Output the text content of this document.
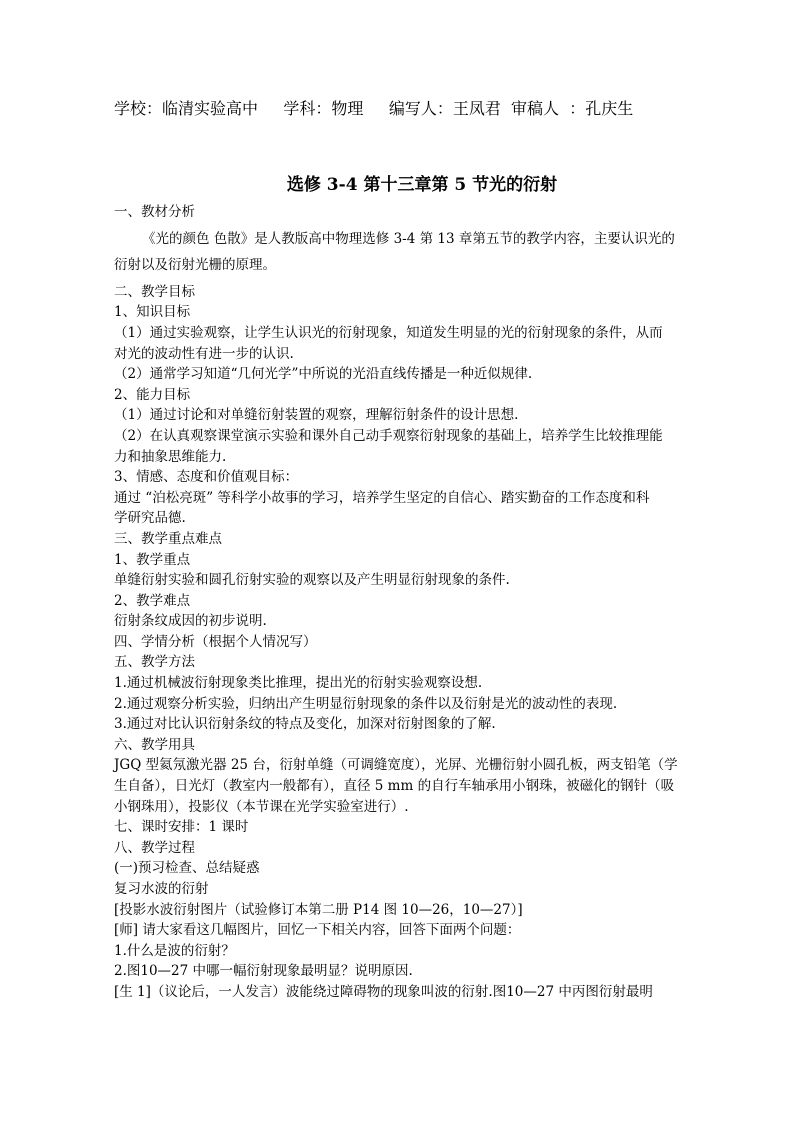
学校：临清实验高中     学科：物理     编写人：王凤君  审稿人  ：孔庆生
选修 3-4 第十三章第 5 节光的衍射
一、教材分析
《光的颜色 色散》是人教版高中物理选修 3-4 第 13 章第五节的教学内容，主要认识光的
衍射以及衍射光栅的原理。
二、教学目标
1、知识目标
（1）通过实验观察，让学生认识光的衍射现象，知道发生明显的光的衍射现象的条件，从而
对光的波动性有进一步的认识.
（2）通常学习知道“几何光学”中所说的光沿直线传播是一种近似规律.
2、能力目标
（1）通过讨论和对单缝衍射装置的观察，理解衍射条件的设计思想.
（2）在认真观察课堂演示实验和课外自己动手观察衍射现象的基础上，培养学生比较推理能
力和抽象思维能力.
3、情感、态度和价值观目标：
通过 “泊松亮斑” 等科学小故事的学习，培养学生坚定的自信心、踏实勤奋的工作态度和科
学研究品德.
三、教学重点难点
1、教学重点
单缝衍射实验和圆孔衍射实验的观察以及产生明显衍射现象的条件.
2、教学难点
衍射条纹成因的初步说明.
四、学情分析（根据个人情况写）
五、教学方法
1.通过机械波衍射现象类比推理，提出光的衍射实验观察设想.
2.通过观察分析实验，归纳出产生明显衍射现象的条件以及衍射是光的波动性的表现.
3.通过对比认识衍射条纹的特点及变化，加深对衍射图象的了解.
六、教学用具
JGQ 型氦氖激光器 25 台，衍射单缝（可调缝宽度），光屏、光栅衍射小圆孔板，两支铅笔（学
生自备），日光灯（教室内一般都有），直径 5 mm 的自行车轴承用小钢珠，被磁化的钢针（吸
小钢珠用），投影仪（本节课在光学实验室进行）.
七、课时安排：1 课时
八、教学过程
(一)预习检查、总结疑惑
复习水波的衍射
[投影水波衍射图片（试验修订本第二册 P14 图 10—26，10—27）]
[师] 请大家看这几幅图片，回忆一下相关内容，回答下面两个问题：
1.什么是波的衍射？
2.图10—27 中哪一幅衍射现象最明显？说明原因.
[生 1]（议论后，一人发言）波能绕过障碍物的现象叫波的衍射.图10—27 中丙图衍射最明
